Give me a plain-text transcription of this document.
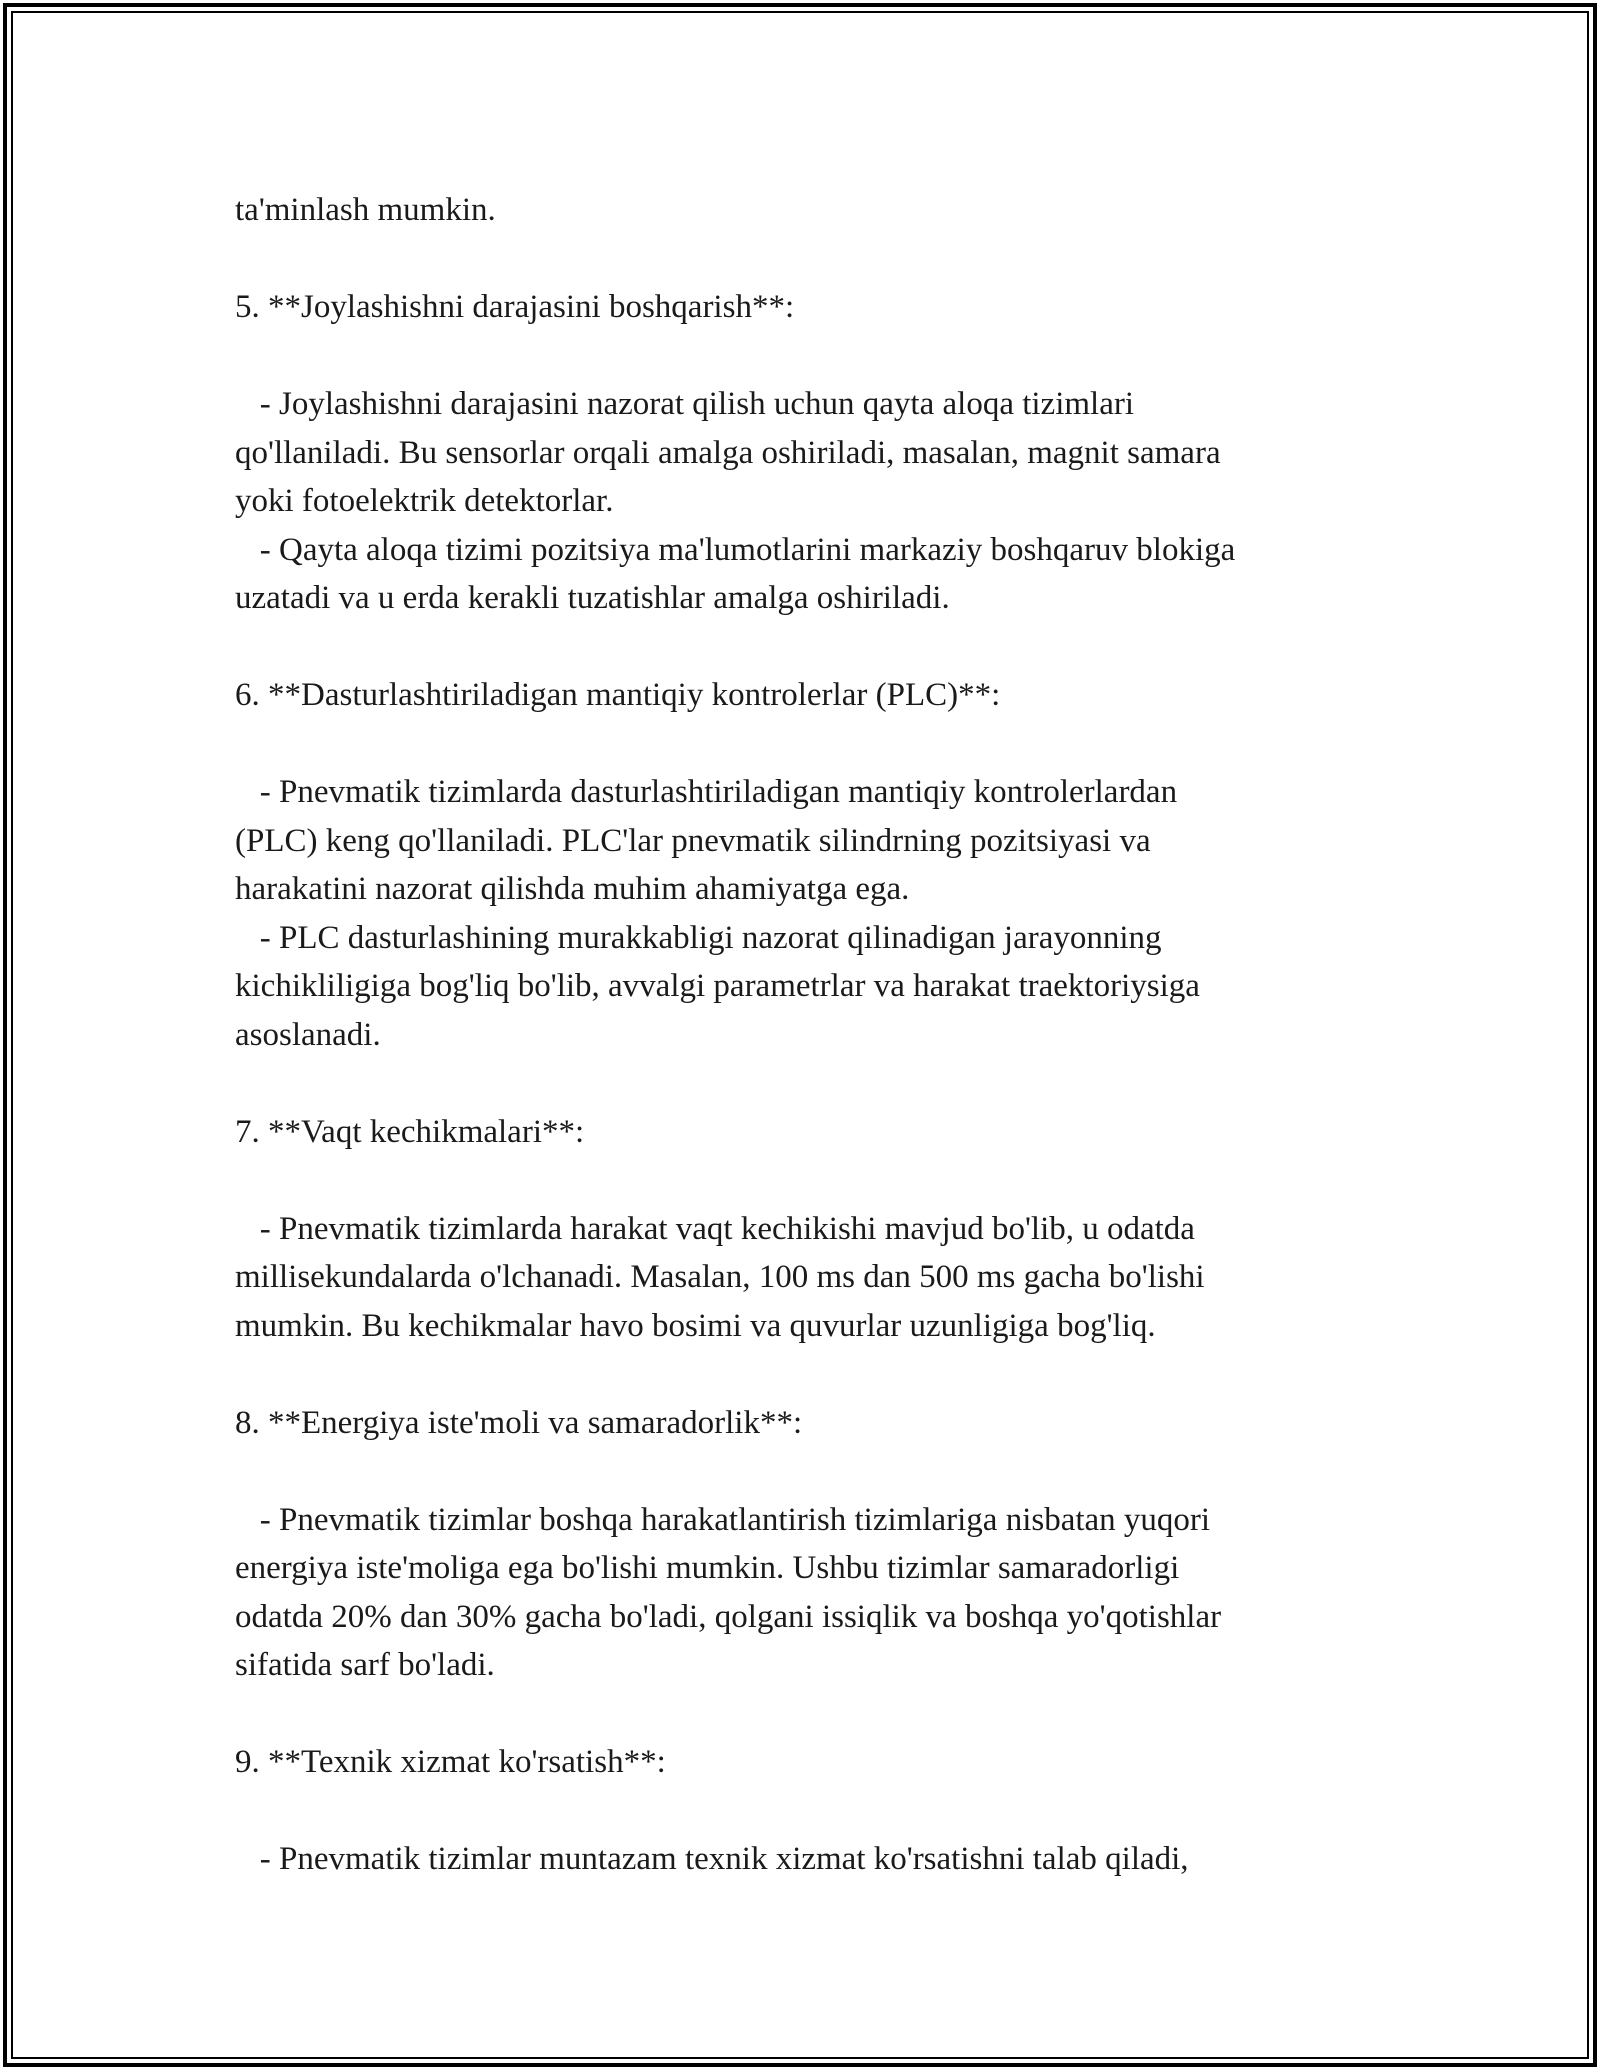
ta'minlash mumkin.
5. **Joylashishni darajasini boshqarish**:
- Joylashishni darajasini nazorat qilish uchun qayta aloqa tizimlari
qo'llaniladi. Bu sensorlar orqali amalga oshiriladi, masalan, magnit samara
yoki fotoelektrik detektorlar.
- Qayta aloqa tizimi pozitsiya ma'lumotlarini markaziy boshqaruv blokiga
uzatadi va u erda kerakli tuzatishlar amalga oshiriladi.
6. **Dasturlashtiriladigan mantiqiy kontrolerlar (PLC)**:
- Pnevmatik tizimlarda dasturlashtiriladigan mantiqiy kontrolerlardan
(PLC) keng qo'llaniladi. PLC'lar pnevmatik silindrning pozitsiyasi va
harakatini nazorat qilishda muhim ahamiyatga ega.
- PLC dasturlashining murakkabligi nazorat qilinadigan jarayonning
kichikliligiga bog'liq bo'lib, avvalgi parametrlar va harakat traektoriysiga
asoslanadi.
7. **Vaqt kechikmalari**:
- Pnevmatik tizimlarda harakat vaqt kechikishi mavjud bo'lib, u odatda
millisekundalarda o'lchanadi. Masalan, 100 ms dan 500 ms gacha bo'lishi
mumkin. Bu kechikmalar havo bosimi va quvurlar uzunligiga bog'liq.
8. **Energiya iste'moli va samaradorlik**:
- Pnevmatik tizimlar boshqa harakatlantirish tizimlariga nisbatan yuqori
energiya iste'moliga ega bo'lishi mumkin. Ushbu tizimlar samaradorligi
odatda 20% dan 30% gacha bo'ladi, qolgani issiqlik va boshqa yo'qotishlar
sifatida sarf bo'ladi.
9. **Texnik xizmat ko'rsatish**:
- Pnevmatik tizimlar muntazam texnik xizmat ko'rsatishni talab qiladi,
